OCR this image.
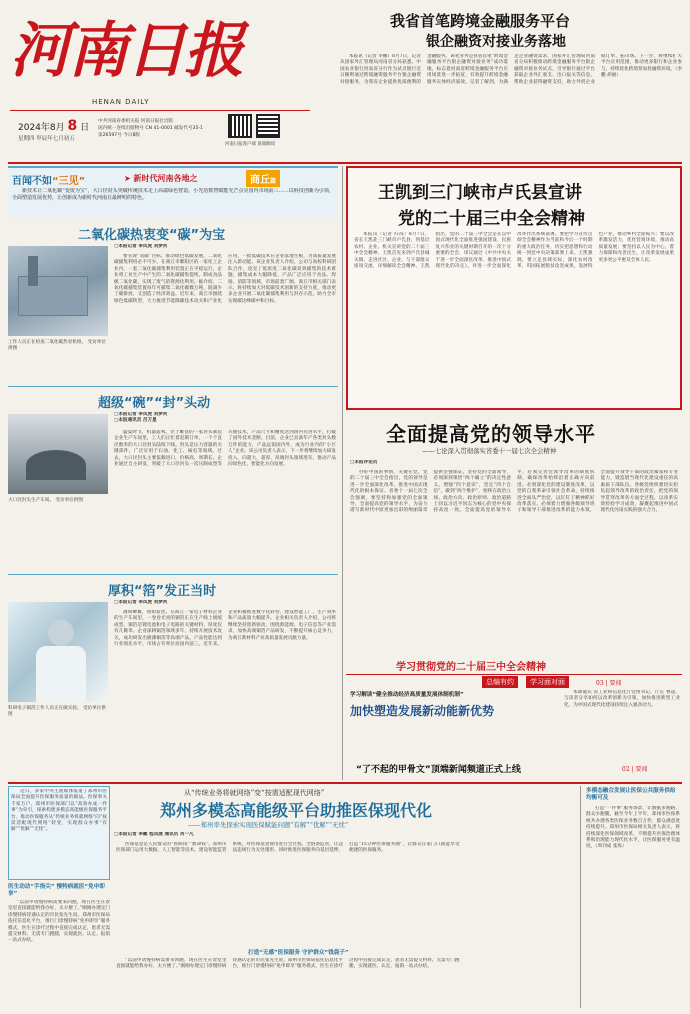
河南日报
HENAN DAILY
2024年8月 8 日
星期四 甲辰年七月初五
中共河南省委机关报 河南日报社出版
国内统一连续出版物号 CN 41-0001 邮发代号35-1
第26597号 今日8版
河南日报客户端 顶端新闻
我省首笔跨境金融服务平台
银企融资对接业务落地
本报讯（记者 李鹏）8月7日，记者从国家外汇管理局河南省分局获悉，中国农业银行河南省分行作为试点银行近日顺利通过跨境融资服务平台银企融资对接服务，为我省企业提供优质便利的金融服务。该笔业务是我省首笔“跨境金融服务平台银企融资对接业务”成功落地，标志着河南省跨境金融服务平台应用场景进一步拓宽，有效提升跨境金融服务实体经济质效。记者了解到，为满足企业融资需求，国家外汇管理局河南省分局积极推动跨境金融服务平台银企融资对接业务试点，引导银行通过平台获取企业外汇收支、出口报关等信息，帮助企业获得融资支持，助力外贸企业稳订单、拓市场。下一步，将继续扩大平台应用范围，推动更多银行和企业参与，持续优化跨境贸易投融资环境。（李鹏 胡丽）
百闻不如“三见”	➤ 新时代河南各地之	商丘篇
新技术让二氧化碳“变废为宝”，大口径封头突破传统技术走上高端绿色智造，小光箔数智赋能光芒点亮国内市场前三……以科技创新为引领，全面塑造发展优势，让创新成为新时代河南丘最鲜明的特色。
二氧化碳热衷变“碳”为宝
工作人员正在检查二氧化碳热泵机组。 受访单位供图
□本报记者 李凤虎 刘梦河
要实现“双碳”目标，推动绿色低碳发展，二氧化碳捕集利用必不可少。在商丘市睢阳区的一家化工企业内，一套二氧化碳捕集利用装置正在平稳运行，企业将工业生产中产生的二氧化碳捕集提纯，制成食品级二氧化碳，实现了废气的资源化利用。据介绍，二氧化碳捕集装置每年可捕集二氧化碳数万吨，既减少了碳排放，又创造了经济效益。近年来，商丘市围绕绿色低碳转型，大力推进节能降碳技术攻关和产业化应用，一批低碳技术在企业落地生根，为高质量发展注入新动能。该企业负责人介绍，公司与高校科研团队合作，攻克了低浓度二氧化碳高效捕集的技术难题，捕集成本大幅降低，产品广泛应用于食品、焊接、消防等领域，市场前景广阔。商丘市相关部门表示，将持续加大对低碳技术创新的支持力度，推动更多企业开展二氧化碳捕集利用与封存示范，助力全市实现碳达峰碳中和目标。
超级“碗”“封”头动
□本报记者 李凤虎 刘梦河
□本报通讯员 吕万星
大口径封头生产车间。 受访单位供图
盛夏时节，机器轰鸣。位于睢县的一家封头制造企业生产车间里，工人们正忙着赶制订单，一个个直径数米的大口径封头陆续下线。封头是压力容器的关键部件，广泛应用于石油、化工、核电等领域。过去，大口径封头主要依赖进口，价格高、周期长。企业通过自主研发，突破了大口径封头一次压制成型等关键技术，产品尺寸和精度达到国内先进水平，打破了国外技术垄断。目前，企业已具备年产各类封头数万件的能力，产品远销国内外，成为行业内的“小巨人”企业。该公司负责人表示，下一步将继续加大研发投入，向超大、超厚、高端封头领域进军，推动产品向绿色化、智能化方向发展。
厚积“箔”发正当时
科研电子铜箔工作人员正在做实验。 受访单位供图
□本报记者 李凤虎 刘梦河
薄如蝉翼，韧如发丝。在商丘一家电子材料企业的生产车间里，一卷卷光亮的铜箔正在生产线上缓缓成型。铜箔是锂电池和电子电路的关键材料，厚度仅有几微米。企业深耕铜箔领域多年，持续开展技术攻关，成功研发出极薄铜箔等高端产品，产品性能达到行业领先水平，市场占有率位居国内前三。近年来，企业积极推进数字化转型，建设智能工厂，生产效率和产品质量大幅提升。企业相关负责人介绍，公司将继续坚持创新驱动，围绕新能源、电子信息等产业需求，加快高端铜箔产品研发，不断提升核心竞争力，为商丘新材料产业高质量发展贡献力量。
王凯到三门峡市卢氏县宣讲
党的二十届三中全会精神
本报讯（记者 归哉）8月7日，省长王凯赴三门峡市卢氏县，到基层农村、企业、机关宣讲党的二十届三中全会精神。王凯首先来到卢氏县城关镇，走进社区、企业，与干部群众座谈交流，详细解读全会精神。王凯指出，党的二十届三中全会是在以中国式现代化全面推进强国建设、民族复兴伟业的关键时期召开的一次十分重要的全会，审议通过《中共中央关于进一步全面深化改革、推进中国式现代化的决定》，对进一步全面深化改革作出系统部署。要把学习宣传贯彻全会精神作为当前和今后一个时期的重大政治任务，切实把思想和行动统一到党中央决策部署上来。王凯强调，要立足县域实际，深化农村改革，巩固拓展脱贫攻坚成果，发展特色产业，推动乡村全面振兴；要以改革激发活力，优化营商环境，推动高质量发展；要坚持以人民为中心，着力保障和改善民生，让改革发展成果更多更公平惠及全体人民。
全面提高党的领导水平
——七论深入贯彻落实省委十一届七次全会精神
□本报评论员
办好中国的事情，关键在党。党的二十届三中全会指出，党的领导是进一步全面深化改革、推进中国式现代化的根本保证。省委十一届七次全会强调，要坚持和加强党的全面领导，全面提高党的领导水平，为奋力谱写新时代中原更加出彩的绚丽篇章提供坚强保证。坚持党的全面领导，必须深刻领悟“两个确立”的决定性意义，增强“四个意识”、坚定“四个自信”、做到“两个维护”，始终在政治立场、政治方向、政治原则、政治道路上同以习近平同志为核心的党中央保持高度一致。全面提高党的领导水平，必须完善党领导改革的制度机制，确保改革始终沿着正确方向前进。必须深化党的建设制度改革，以党的自我革命引领社会革命，持续推进全面从严治党，以钉钉子精神抓好改革落实。必须着力增强各级领导班子和领导干部推进改革的能力本领，全面提升领导干部的政治素质和专业能力，锻造堪当现代化建设重任的高素质干部队伍。各级党组织要切实担负起领导改革的政治责任，把党的领导贯穿改革各方面全过程，以改革实效检验学习成效，凝聚起推进中国式现代化河南实践的强大合力。
学习贯彻党的二十届三中全会精神
总编有约	学习面对面	03 | 要闻
学习解读“健全推动经济高质量发展体制机制”
加快塑造发展新动能新优势
本期嘉宾 省工业和信息化厅党组书记、厅长 曹超，与读者分享如何以改革创新为引领，加快推进新型工业化，为中国式现代化建设持续注入强劲动力。
“了不起的甲骨文”顶端新闻频道正式上线	02 | 要闻
近日，多家中央主流媒体报道了郑州市医保局全面提升医保服务质量的做法。医保事关千家万户，郑州市医保部门以“高效办成一件事”为牵引，探索构建多模态高能级医保服务平台，推动医保服务从“传统业务将就网络”向“按需适配现代网络”转变，实现群众办事“有解”“优解”“无忧”。
从“传统业务将就网络”变“按需适配现代网络”
郑州多模态高能级平台助推医保现代化
——郑州率先探索实现医保赋能问题“有解”“优解”“无忧”
□本报记者 李鹏 程凤展 通讯员 肖一凡
医生动动“手指尖” 慢特病就医“免申即享”
“以前申请慢特病需要来回跑，现在医生在诊室里直接就能给我办好，太方便了。”刚刚办理完门诊慢特病待遇认定的市民张先生说。郑州市医保局依托信息化平台，推行门诊慢特病“免申即享”服务模式，医生在诊疗过程中直接完成认定，患者无需提交材料、无需专门跑腿，实现就医、认定、报销一站式办结。
医保基金是人民群众的“看病钱”“救命钱”。郑州市医保部门运用大数据、人工智能等技术，建设智能监管系统，对医保基金使用进行全过程、全链条监管，让违法违规行为无处遁形。同时推进医保服务向基层延伸，打造“15分钟医保服务圈”，让群众在家门口就能享受便捷的医保服务。
打造“无感”医保服务 守护群众“钱袋子”
“以前申请慢特病需要来回跑，现在医生在诊室里直接就能给我办好，太方便了。”刚刚办理完门诊慢特病待遇认定的市民张先生说。郑州市医保局依托信息化平台，推行门诊慢特病“免申即享”服务模式，医生在诊疗过程中直接完成认定，患者无需提交材料、无需专门跑腿，实现就医、认定、报销一站式办结。
多模态融合发展让医保公共服务供给均衡可及
打造“一件事”服务场景，让数据多跑路、群众少跑腿。截至今年上半年，郑州市医保系统共办理各类医保业务数百万件，群众满意度持续提升。郑州市医保局相关负责人表示，将持续深化医保领域改革，不断提升医保治理体系和治理能力现代化水平，让医保服务更有温度。（周刊成 张烁）
